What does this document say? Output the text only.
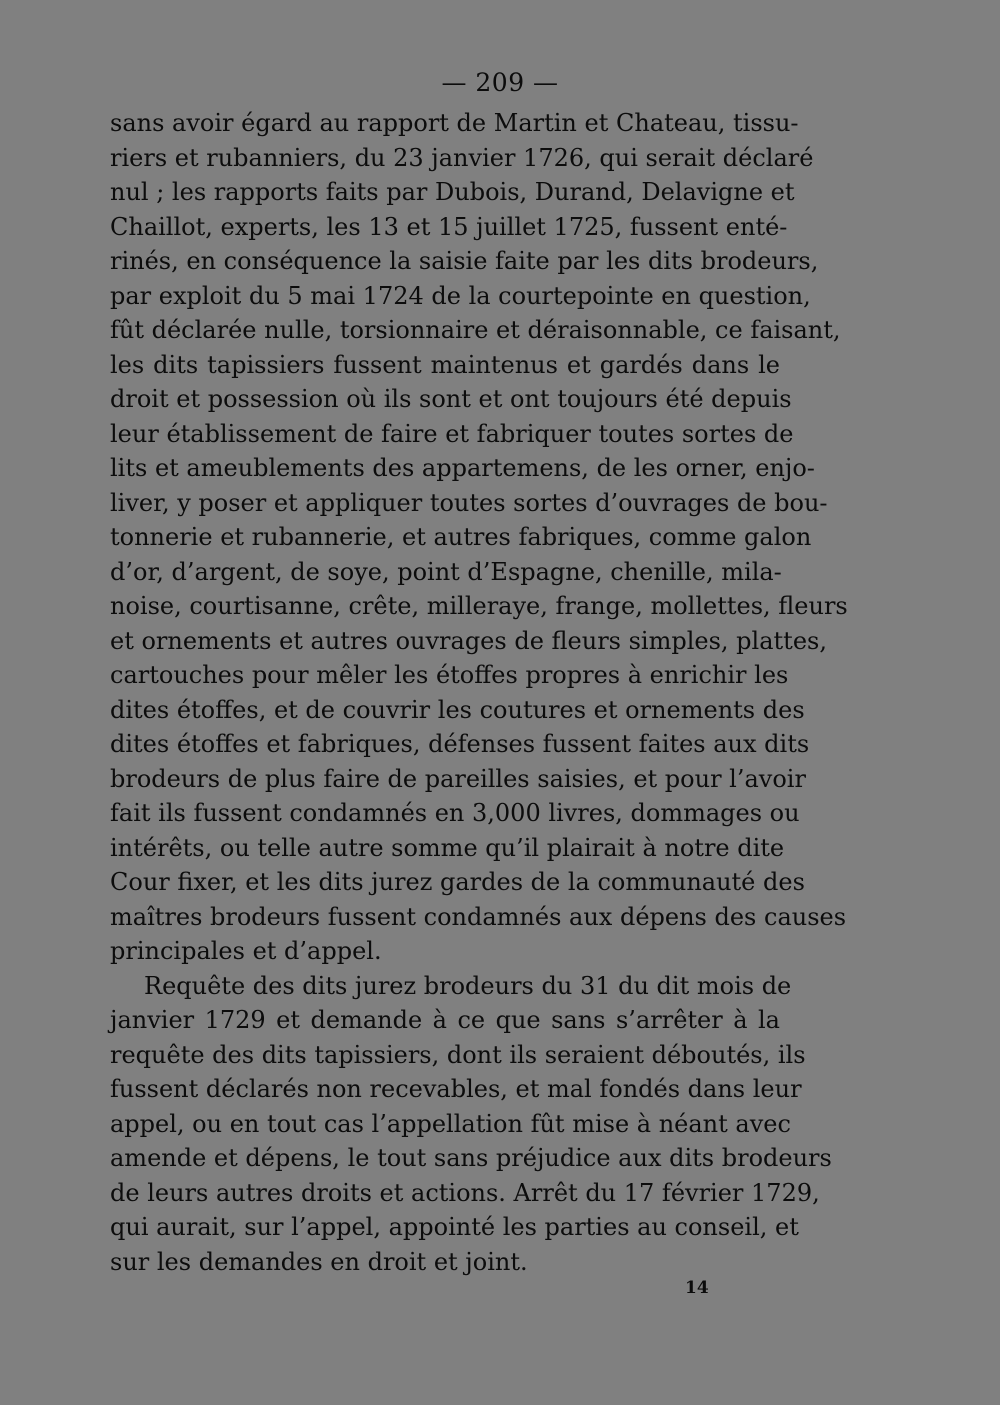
— 209 —
sans avoir égard au rapport de Martin et Chateau, tissu-
riers et rubanniers, du 23 janvier 1726, qui serait déclaré
nul ; les rapports faits par Dubois, Durand, Delavigne et
Chaillot, experts, les 13 et 15 juillet 1725, fussent enté-
rinés, en conséquence la saisie faite par les dits brodeurs,
par exploit du 5 mai 1724 de la courtepointe en question,
fût déclarée nulle, torsionnaire et déraisonnable, ce faisant,
les dits tapissiers fussent maintenus et gardés dans le
droit et possession où ils sont et ont toujours été depuis
leur établissement de faire et fabriquer toutes sortes de
lits et ameublements des appartemens, de les orner, enjo-
liver, y poser et appliquer toutes sortes d’ouvrages de bou-
tonnerie et rubannerie, et autres fabriques, comme galon
d’or, d’argent, de soye, point d’Espagne, chenille, mila-
noise, courtisanne, crête, milleraye, frange, mollettes, fleurs
et ornements et autres ouvrages de fleurs simples, plattes,
cartouches pour mêler les étoffes propres à enrichir les
dites étoffes, et de couvrir les coutures et ornements des
dites étoffes et fabriques, défenses fussent faites aux dits
brodeurs de plus faire de pareilles saisies, et pour l’avoir
fait ils fussent condamnés en 3,000 livres, dommages ou
intérêts, ou telle autre somme qu’il plairait à notre dite
Cour fixer, et les dits jurez gardes de la communauté des
maîtres brodeurs fussent condamnés aux dépens des causes
principales et d’appel.
Requête des dits jurez brodeurs du 31 du dit mois de
janvier 1729 et demande à ce que sans s’arrêter à la
requête des dits tapissiers, dont ils seraient déboutés, ils
fussent déclarés non recevables, et mal fondés dans leur
appel, ou en tout cas l’appellation fût mise à néant avec
amende et dépens, le tout sans préjudice aux dits brodeurs
de leurs autres droits et actions. Arrêt du 17 février 1729,
qui aurait, sur l’appel, appointé les parties au conseil, et
sur les demandes en droit et joint.
14
